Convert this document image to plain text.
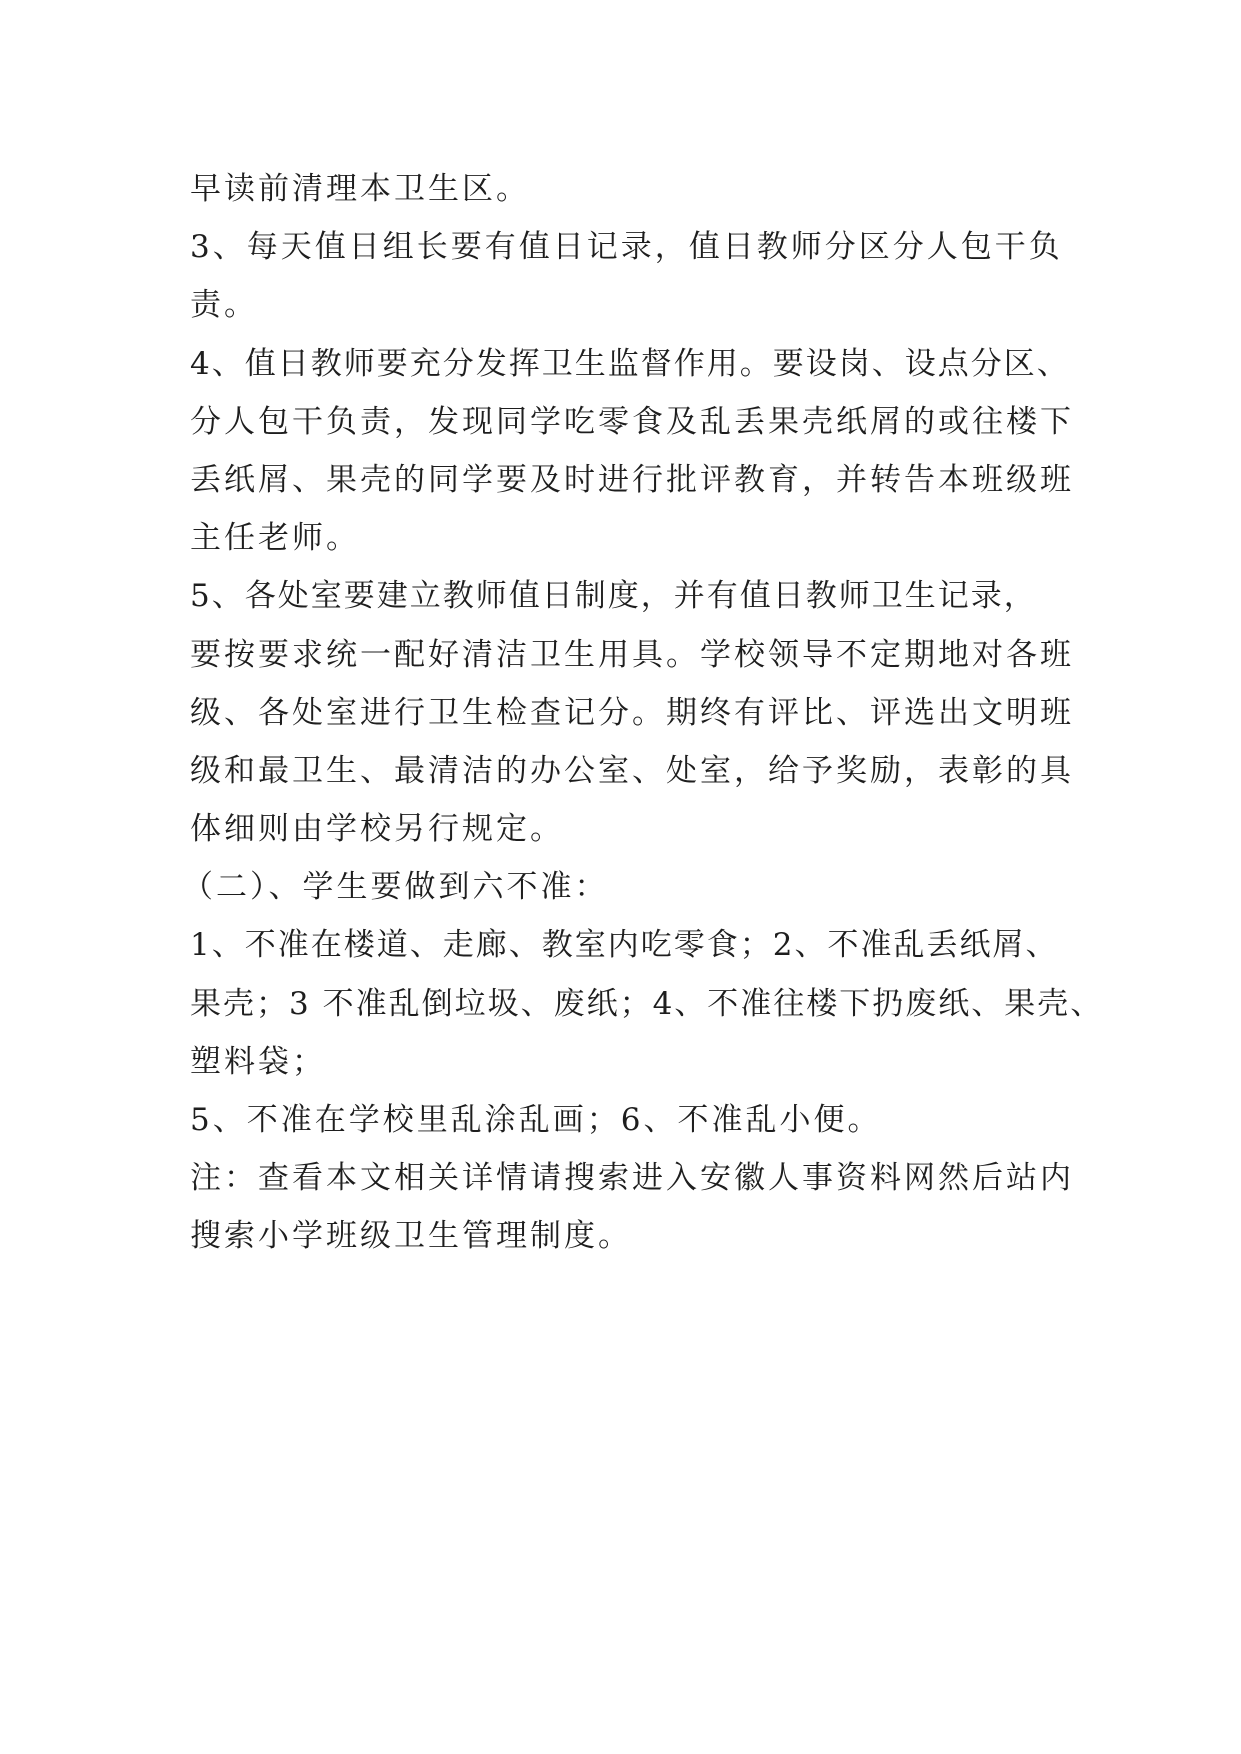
早读前清理本卫生区。
3、每天值日组长要有值日记录，值日教师分区分人包干负
责。
4、值日教师要充分发挥卫生监督作用。要设岗、设点分区、
分人包干负责，发现同学吃零食及乱丢果壳纸屑的或往楼下
丢纸屑、果壳的同学要及时进行批评教育，并转告本班级班
主任老师。
5、各处室要建立教师值日制度，并有值日教师卫生记录，
要按要求统一配好清洁卫生用具。学校领导不定期地对各班
级、各处室进行卫生检查记分。期终有评比、评选出文明班
级和最卫生、最清洁的办公室、处室，给予奖励，表彰的具
体细则由学校另行规定。
（二）、学生要做到六不准：
1、不准在楼道、走廊、教室内吃零食；2、不准乱丢纸屑、
果壳；3 不准乱倒垃圾、废纸；4、不准往楼下扔废纸、果壳、
塑料袋；
5、不准在学校里乱涂乱画；6、不准乱小便。
注：查看本文相关详情请搜索进入安徽人事资料网然后站内
搜索小学班级卫生管理制度。
